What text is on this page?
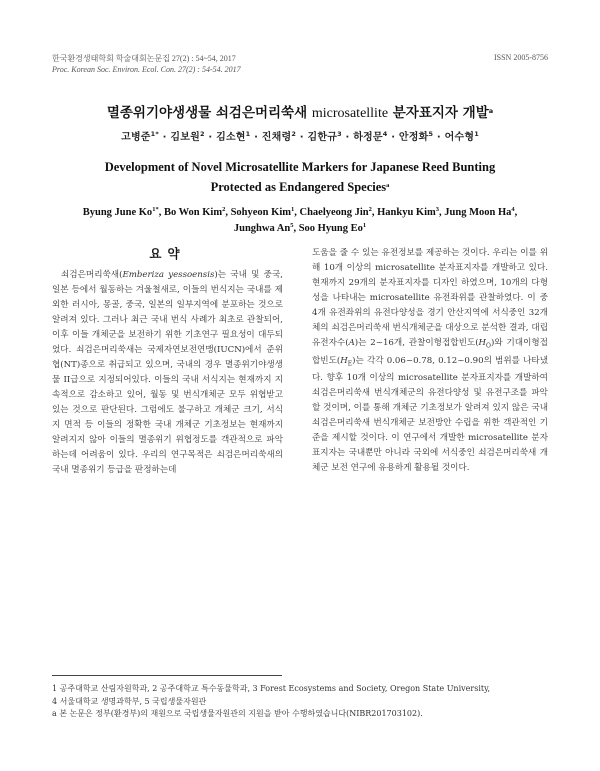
한국환경생태학회 학술대회논문집 27(2) : 54~54, 2017
Proc. Korean Soc. Environ. Ecol. Con. 27(2) : 54-54. 2017
ISSN 2005-8756
멸종위기야생생물 쇠검은머리쑥새 microsatellite 분자표지자 개발$^a$
고병준$^{1*}$ · 김보원$^2$ · 김소현$^1$ · 진채령$^2$ · 김한규$^3$ · 하정문$^4$ · 안정화$^5$ · 어수형$^1$
Development of Novel Microsatellite Markers for Japanese Reed Bunting
Protected as Endangered Species$^a$
Byung June $Ko^{1*}$, Bo Won Kim$^2$, Sohyeon Kim$^1$, Chaelyeong Jin$^2$, Hankyu Kim$^3$, Jung Moon Ha$^4$,
Junghwa An$^5$, Soo Hyung Eo$^1$
요약

쇠검은머리쑥새(Emberiza yessoensis)는 국내 및 중국, 일본 등에서 월동하는 겨울철새로, 이들의 번식지는 국내를 제외한 러시아, 몽골, 중국, 일본의 일부지역에 분포하는 것으로 알려져 있다. 그러나 최근 국내 번식 사례가 최초로 관찰되어, 이후 이들 개체군을 보전하기 위한 기초연구 필요성이 대두되었다. 쇠검은머리쑥새는 국제자연보전연맹(IUCN)에서 준위협(NT)종으로 취급되고 있으며, 국내의 경우 멸종위기야생생물 II급으로 지정되어있다. 이들의 국내 서식지는 현재까지 지속적으로 감소하고 있어, 월동 및 번식개체군 모두 위협받고 있는 것으로 판단된다. 그럼에도 불구하고 개체군 크기, 서식지 면적 등 이들의 정확한 국내 개체군 기초정보는 현재까지 알려지지 않아 이들의 멸종위기 위협정도를 객관적으로 파악하는데 어려움이 있다. 우리의 연구목적은 쇠검은머리쑥새의 국내 멸종위기 등급을 판정하는데

도움을 줄 수 있는 유전정보를 제공하는 것이다. 우리는 이를 위해 10개 이상의 microsatellite 분자표지자를 개발하고 있다. 현재까지 29개의 분자표지자를 디자인 하였으며, 10개의 다형성을 나타내는 microsatellite 유전좌위를 관찰하였다. 이 중 4개 유전좌위의 유전다양성을 경기 안산지역에 서식중인 32개체의 쇠검은머리쑥새 번식개체군을 대상으로 분석한 결과, 대립유전자수(A)는 2~16개, 관찰이형접합빈도$(H_O)$와 기대이형접합빈도$(H_E)$는 각각 0.06~0.78, 0.12~0.90의 범위를 나타냈다. 향후 10개 이상의 microsatellite 분자표지자를 개발하여 쇠검은머리쑥새 번식개체군의 유전다양성 및 유전구조를 파악 할 것이며, 이를 통해 개체군 기초정보가 알려져 있지 않은 국내 쇠검은머리쑥새 번식개체군 보전방안 수립을 위한 객관적인 기준을 제시할 것이다. 이 연구에서 개발한 microsatellite 분자표지자는 국내뿐만 아니라 국외에 서식중인 쇠검은머리쑥새 개체군 보전 연구에 유용하게 활용될 것이다.

1 공주대학교 산림자원학과, 2 공주대학교 특수동물학과, 3 Forest Ecosystems and Society, Oregon State University,
4 서울대학교 생명과학부, 5 국립생물자원관
a 본 논문은 정부(환경부)의 재원으로 국립생물자원관의 지원을 받아 수행하였습니다(NIBR201703102).
